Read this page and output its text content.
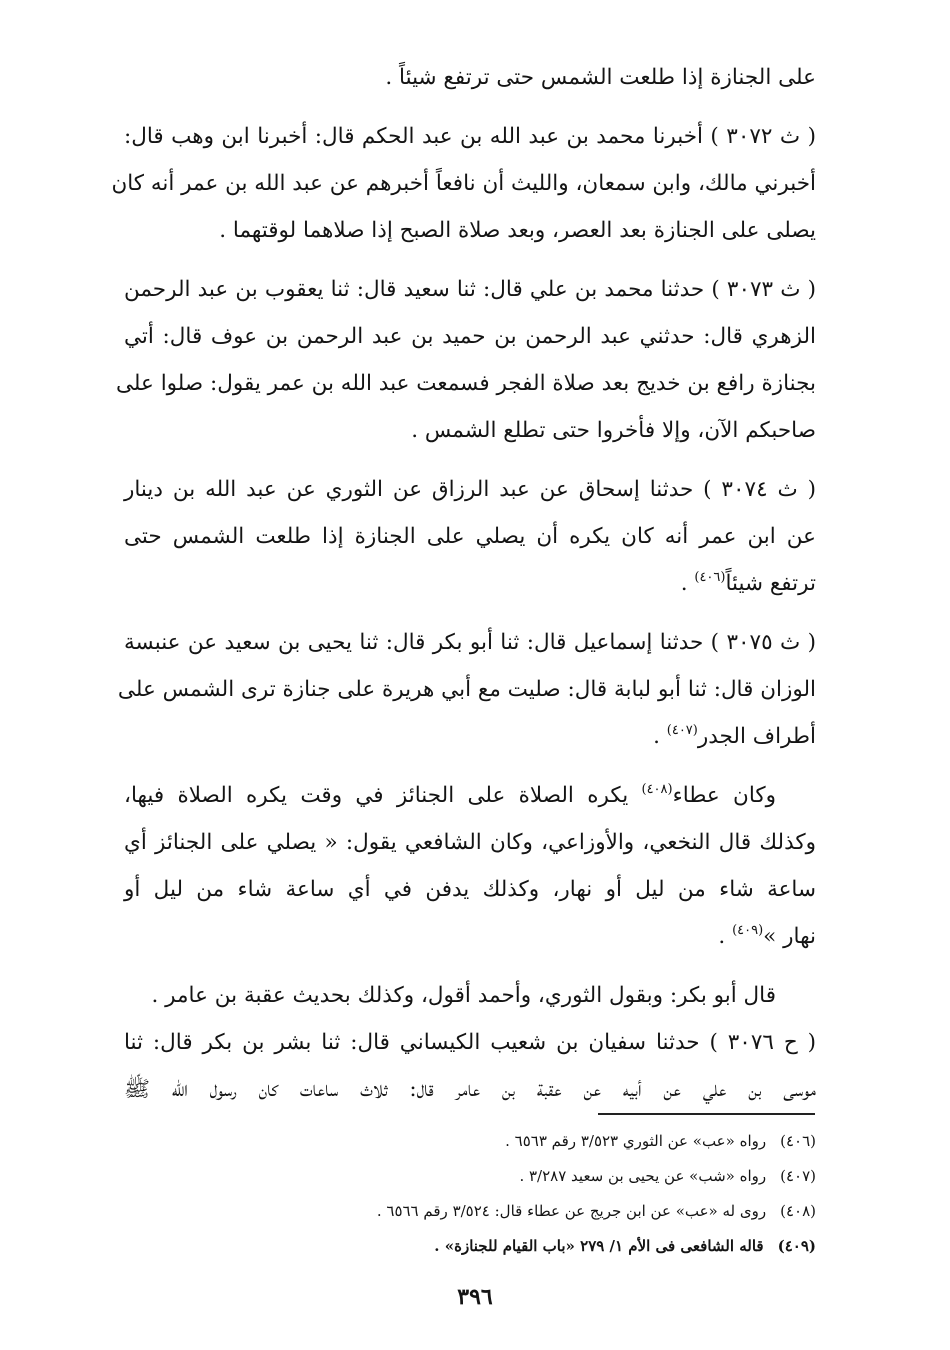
على الجنازة إذا طلعت الشمس حتى ترتفع شيئاً .
( ث ٣٠٧٢ ) أخبرنا محمد بن عبد الله بن عبد الحكم قال: أخبرنا ابن وهب قال:
أخبرني مالك، وابن سمعان، والليث أن نافعاً أخبرهم عن عبد الله بن عمر أنه كان
يصلى على الجنازة بعد العصر، وبعد صلاة الصبح إذا صلاهما لوقتهما .
( ث ٣٠٧٣ ) حدثنا محمد بن علي قال: ثنا سعيد قال: ثنا يعقوب بن عبد الرحمن
الزهري قال: حدثني عبد الرحمن بن حميد بن عبد الرحمن بن عوف قال: أتي
بجنازة رافع بن خديج بعد صلاة الفجر فسمعت عبد الله بن عمر يقول: صلوا على
صاحبكم الآن، وإلا فأخروا حتى تطلع الشمس .
( ث ٣٠٧٤ ) حدثنا إسحاق عن عبد الرزاق عن الثوري عن عبد الله بن دينار
عن ابن عمر أنه كان يكره أن يصلي على الجنازة إذا طلعت الشمس حتى
ترتفع شيئاً$^{(٤٠٦)}$ .
( ث ٣٠٧٥ ) حدثنا إسماعيل قال: ثنا أبو بكر قال: ثنا يحيى بن سعيد عن عنبسة
الوزان قال: ثنا أبو لبابة قال: صليت مع أبي هريرة على جنازة ترى الشمس على
أطراف الجدر$^{(٤٠٧)}$ .
وكان عطاء$^{(٤٠٨)}$ يكره الصلاة على الجنائز في وقت يكره الصلاة فيها،
وكذلك قال النخعي، والأوزاعي، وكان الشافعي يقول: « يصلي على الجنائز أي
ساعة شاء من ليل أو نهار، وكذلك يدفن في أي ساعة شاء من ليل أو
نهار »$^{(٤٠٩)}$ .
قال أبو بكر: وبقول الثوري، وأحمد أقول، وكذلك بحديث عقبة بن عامر .
( ح ٣٠٧٦ ) حدثنا سفيان بن شعيب الكيساني قال: ثنا بشر بن بكر قال: ثنا
موسى بن علي عن أبيه عن عقبة بن عامر قال: ثلاث ساعات كان رسول الله ﷺ
(٤٠٦)رواه «عب» عن الثوري ٣/٥٢٣ رقم ٦٥٦٣ .
(٤٠٧)رواه «شب» عن يحيى بن سعيد ٣/٢٨٧ .
(٤٠٨)روى له «عب» عن ابن جريج عن عطاء قال: ٣/٥٢٤ رقم ٦٥٦٦ .
(٤٠٩)قاله الشافعى فى الأم ١/ ٢٧٩ «باب القيام للجنازة» .
٣٩٦
